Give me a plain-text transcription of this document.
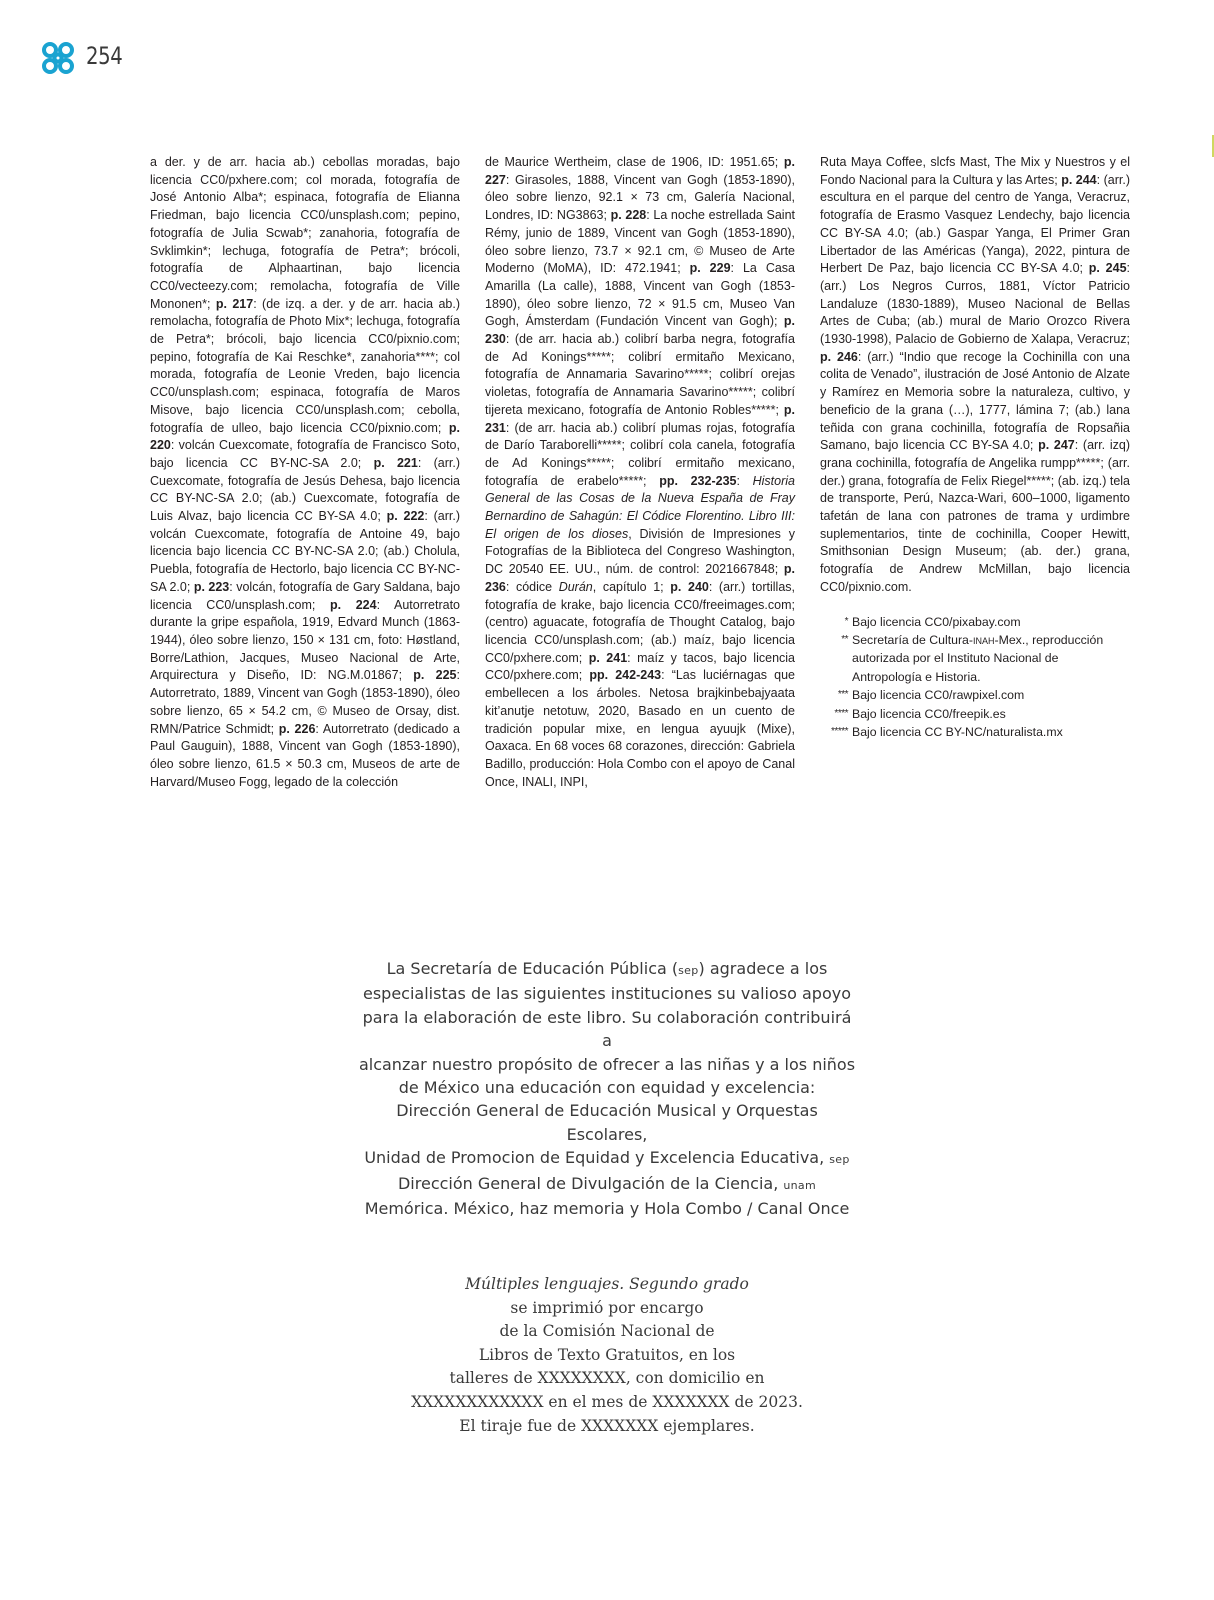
254
a der. y de arr. hacia ab.) cebollas moradas, bajo licencia CC0/pxhere.com; col morada, fotografía de José Antonio Alba*; espinaca, fotografía de Elianna Friedman, bajo licencia CC0/unsplash.com; pepino, fotografía de Julia Scwab*; zanahoria, fotografía de Svklimkin*; lechuga, fotografía de Petra*; brócoli, fotografía de Alphaartinan, bajo licencia CC0/vecteezy.com; remolacha, fotografía de Ville Mononen*; p. 217: (de izq. a der. y de arr. hacia ab.) remolacha, fotografía de Photo Mix*; lechuga, fotografía de Petra*; brócoli, bajo licencia CC0/pixnio.com; pepino, fotografía de Kai Reschke*, zanahoria****; col morada, fotografía de Leonie Vreden, bajo licencia CC0/unsplash.com; espinaca, fotografía de Maros Misove, bajo licencia CC0/unsplash.com; cebolla, fotografía de ulleo, bajo licencia CC0/pixnio.com; p. 220: volcán Cuexcomate, fotografía de Francisco Soto, bajo licencia CC BY-NC-SA 2.0; p. 221: (arr.) Cuexcomate, fotografía de Jesús Dehesa, bajo licencia CC BY-NC-SA 2.0; (ab.) Cuexcomate, fotografía de Luis Alvaz, bajo licencia CC BY-SA 4.0; p. 222: (arr.) volcán Cuexcomate, fotografía de Antoine 49, bajo licencia bajo licencia CC BY-NC-SA 2.0; (ab.) Cholula, Puebla, fotografía de Hectorlo, bajo licencia CC BY-NC-SA 2.0; p. 223: volcán, fotografía de Gary Saldana, bajo licencia CC0/unsplash.com; p. 224: Autorretrato durante la gripe española, 1919, Edvard Munch (1863-1944), óleo sobre lienzo, 150 × 131 cm, foto: Høstland, Borre/Lathion, Jacques, Museo Nacional de Arte, Arquirectura y Diseño, ID: NG.M.01867; p. 225: Autorretrato, 1889, Vincent van Gogh (1853-1890), óleo sobre lienzo, 65 × 54.2 cm, © Museo de Orsay, dist. RMN/Patrice Schmidt; p. 226: Autorretrato (dedicado a Paul Gauguin), 1888, Vincent van Gogh (1853-1890), óleo sobre lienzo, 61.5 × 50.3 cm, Museos de arte de Harvard/Museo Fogg, legado de la colección
de Maurice Wertheim, clase de 1906, ID: 1951.65; p. 227: Girasoles, 1888, Vincent van Gogh (1853-1890), óleo sobre lienzo, 92.1 × 73 cm, Galería Nacional, Londres, ID: NG3863; p. 228: La noche estrellada Saint Rémy, junio de 1889, Vincent van Gogh (1853-1890), óleo sobre lienzo, 73.7 × 92.1 cm, © Museo de Arte Moderno (MoMA), ID: 472.1941; p. 229: La Casa Amarilla (La calle), 1888, Vincent van Gogh (1853-1890), óleo sobre lienzo, 72 × 91.5 cm, Museo Van Gogh, Ámsterdam (Fundación Vincent van Gogh); p. 230: (de arr. hacia ab.) colibrí barba negra, fotografía de Ad Konings*****; colibrí ermitaño Mexicano, fotografía de Annamaria Savarino*****; colibrí orejas violetas, fotografía de Annamaria Savarino*****; colibrí tijereta mexicano, fotografía de Antonio Robles*****; p. 231: (de arr. hacia ab.) colibrí plumas rojas, fotografía de Darío Taraborelli*****; colibrí cola canela, fotografía de Ad Konings*****; colibrí ermitaño mexicano, fotografía de erabelo*****; pp. 232-235: Historia General de las Cosas de la Nueva España de Fray Bernardino de Sahagún: El Códice Florentino. Libro III: El origen de los dioses, División de Impresiones y Fotografías de la Biblioteca del Congreso Washington, DC 20540 EE. UU., núm. de control: 2021667848; p. 236: códice Durán, capítulo 1; p. 240: (arr.) tortillas, fotografía de krake, bajo licencia CC0/freeimages.com; (centro) aguacate, fotografía de Thought Catalog, bajo licencia CC0/unsplash.com; (ab.) maíz, bajo licencia CC0/pxhere.com; p. 241: maíz y tacos, bajo licencia CC0/pxhere.com; pp. 242-243: “Las luciérnagas que embellecen a los árboles. Netosa brajkinbebajyaata kit’anutje netotuw, 2020, Basado en un cuento de tradición popular mixe, en lengua ayuujk (Mixe), Oaxaca. En 68 voces 68 corazones, dirección: Gabriela Badillo, producción: Hola Combo con el apoyo de Canal Once, INALI, INPI,
Ruta Maya Coffee, slcfs Mast, The Mix y Nuestros y el Fondo Nacional para la Cultura y las Artes; p. 244: (arr.) escultura en el parque del centro de Yanga, Veracruz, fotografía de Erasmo Vasquez Lendechy, bajo licencia CC BY-SA 4.0; (ab.) Gaspar Yanga, El Primer Gran Libertador de las Américas (Yanga), 2022, pintura de Herbert De Paz, bajo licencia CC BY-SA 4.0; p. 245: (arr.) Los Negros Curros, 1881, Víctor Patricio Landaluze (1830-1889), Museo Nacional de Bellas Artes de Cuba; (ab.) mural de Mario Orozco Rivera (1930-1998), Palacio de Gobierno de Xalapa, Veracruz; p. 246: (arr.) “Indio que recoge la Cochinilla con una colita de Venado”, ilustración de José Antonio de Alzate y Ramírez en Memoria sobre la naturaleza, cultivo, y beneficio de la grana (…), 1777, lámina 7; (ab.) lana teñida con grana cochinilla, fotografía de Ropsañia Samano, bajo licencia CC BY-SA 4.0; p. 247: (arr. izq) grana cochinilla, fotografía de Angelika rumpp*****; (arr. der.) grana, fotografía de Felix Riegel*****; (ab. izq.) tela de transporte, Perú, Nazca-Wari, 600–1000, ligamento tafetán de lana con patrones de trama y urdimbre suplementarios, tinte de cochinilla, Cooper Hewitt, Smithsonian Design Museum; (ab. der.) grana, fotografía de Andrew McMillan, bajo licencia CC0/pixnio.com.
* Bajo licencia CC0/pixabay.com
** Secretaría de Cultura-inah-Mex., reproducción autorizada por el Instituto Nacional de Antropología e Historia.
*** Bajo licencia CC0/rawpixel.com
**** Bajo licencia CC0/freepik.es
***** Bajo licencia CC BY-NC/naturalista.mx
La Secretaría de Educación Pública (sep) agradece a los
especialistas de las siguientes instituciones su valioso apoyo
para la elaboración de este libro. Su colaboración contribuirá a
alcanzar nuestro propósito de ofrecer a las niñas y a los niños
de México una educación con equidad y excelencia:
Dirección General de Educación Musical y Orquestas Escolares,
Unidad de Promocion de Equidad y Excelencia Educativa, sep
Dirección General de Divulgación de la Ciencia, unam
Memórica. México, haz memoria y Hola Combo / Canal Once
Múltiples lenguajes. Segundo grado
se imprimió por encargo
de la Comisión Nacional de
Libros de Texto Gratuitos, en los
talleres de XXXXXXXX, con domicilio en
XXXXXXXXXXXX en el mes de XXXXXXX de 2023.
El tiraje fue de XXXXXXX ejemplares.
